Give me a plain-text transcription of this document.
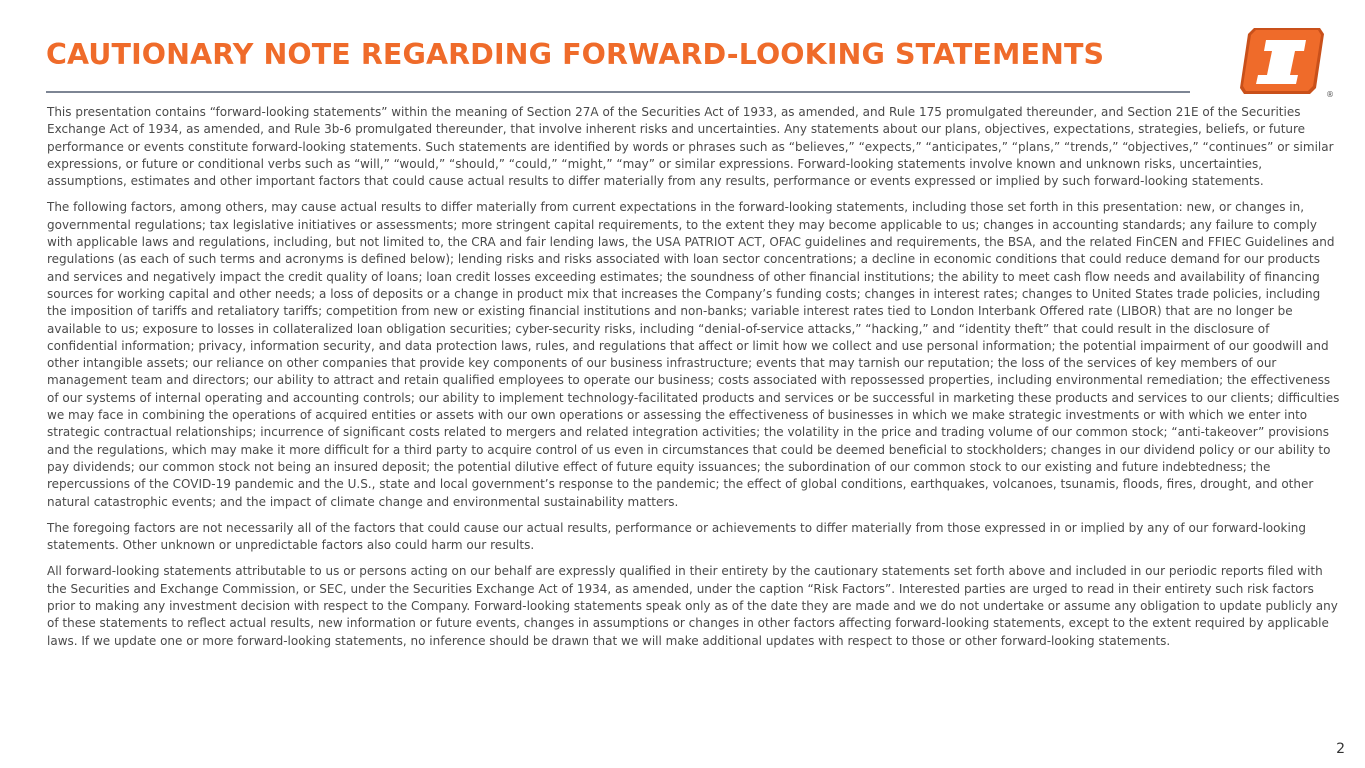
CAUTIONARY NOTE REGARDING FORWARD-LOOKING STATEMENTS
®

This presentation contains “forward-looking statements” within the meaning of Section 27A of the Securities Act of 1933, as amended, and Rule 175 promulgated thereunder, and Section 21E of the Securities Exchange Act of 1934, as amended, and Rule 3b-6 promulgated thereunder, that involve inherent risks and uncertainties. Any statements about our plans, objectives, expectations, strategies, beliefs, or future performance or events constitute forward-looking statements. Such statements are identified by words or phrases such as “believes,” “expects,” “anticipates,” “plans,” “trends,” “objectives,” “continues” or similar expressions, or future or conditional verbs such as “will,” “would,” “should,” “could,” “might,” “may” or similar expressions. Forward-looking statements involve known and unknown risks, uncertainties, assumptions, estimates and other important factors that could cause actual results to differ materially from any results, performance or events expressed or implied by such forward-looking statements.

The following factors, among others, may cause actual results to differ materially from current expectations in the forward-looking statements, including those set forth in this presentation: new, or changes in, governmental regulations; tax legislative initiatives or assessments; more stringent capital requirements, to the extent they may become applicable to us; changes in accounting standards; any failure to comply with applicable laws and regulations, including, but not limited to, the CRA and fair lending laws, the USA PATRIOT ACT, OFAC guidelines and requirements, the BSA, and the related FinCEN and FFIEC Guidelines and regulations (as each of such terms and acronyms is defined below); lending risks and risks associated with loan sector concentrations; a decline in economic conditions that could reduce demand for our products and services and negatively impact the credit quality of loans; loan credit losses exceeding estimates; the soundness of other financial institutions; the ability to meet cash flow needs and availability of financing sources for working capital and other needs; a loss of deposits or a change in product mix that increases the Company’s funding costs; changes in interest rates; changes to United States trade policies, including the imposition of tariffs and retaliatory tariffs; competition from new or existing financial institutions and non-banks; variable interest rates tied to London Interbank Offered rate (LIBOR) that are no longer be available to us; exposure to losses in collateralized loan obligation securities; cyber-security risks, including “denial-of-service attacks,” “hacking,” and “identity theft” that could result in the disclosure of confidential information; privacy, information security, and data protection laws, rules, and regulations that affect or limit how we collect and use personal information; the potential impairment of our goodwill and other intangible assets; our reliance on other companies that provide key components of our business infrastructure; events that may tarnish our reputation; the loss of the services of key members of our management team and directors; our ability to attract and retain qualified employees to operate our business; costs associated with repossessed properties, including environmental remediation; the effectiveness of our systems of internal operating and accounting controls; our ability to implement technology-facilitated products and services or be successful in marketing these products and services to our clients; difficulties we may face in combining the operations of acquired entities or assets with our own operations or assessing the effectiveness of businesses in which we make strategic investments or with which we enter into strategic contractual relationships; incurrence of significant costs related to mergers and related integration activities; the volatility in the price and trading volume of our common stock; “anti-takeover” provisions and the regulations, which may make it more difficult for a third party to acquire control of us even in circumstances that could be deemed beneficial to stockholders; changes in our dividend policy or our ability to pay dividends; our common stock not being an insured deposit; the potential dilutive effect of future equity issuances; the subordination of our common stock to our existing and future indebtedness; the repercussions of the COVID-19 pandemic and the U.S., state and local government’s response to the pandemic; the effect of global conditions, earthquakes, volcanoes, tsunamis, floods, fires, drought, and other natural catastrophic events; and the impact of climate change and environmental sustainability matters.

The foregoing factors are not necessarily all of the factors that could cause our actual results, performance or achievements to differ materially from those expressed in or implied by any of our forward-looking statements. Other unknown or unpredictable factors also could harm our results.

All forward-looking statements attributable to us or persons acting on our behalf are expressly qualified in their entirety by the cautionary statements set forth above and included in our periodic reports filed with the Securities and Exchange Commission, or SEC, under the Securities Exchange Act of 1934, as amended, under the caption “Risk Factors”. Interested parties are urged to read in their entirety such risk factors prior to making any investment decision with respect to the Company. Forward-looking statements speak only as of the date they are made and we do not undertake or assume any obligation to update publicly any of these statements to reflect actual results, new information or future events, changes in assumptions or changes in other factors affecting forward-looking statements, except to the extent required by applicable laws. If we update one or more forward-looking statements, no inference should be drawn that we will make additional updates with respect to those or other forward-looking statements.

2
